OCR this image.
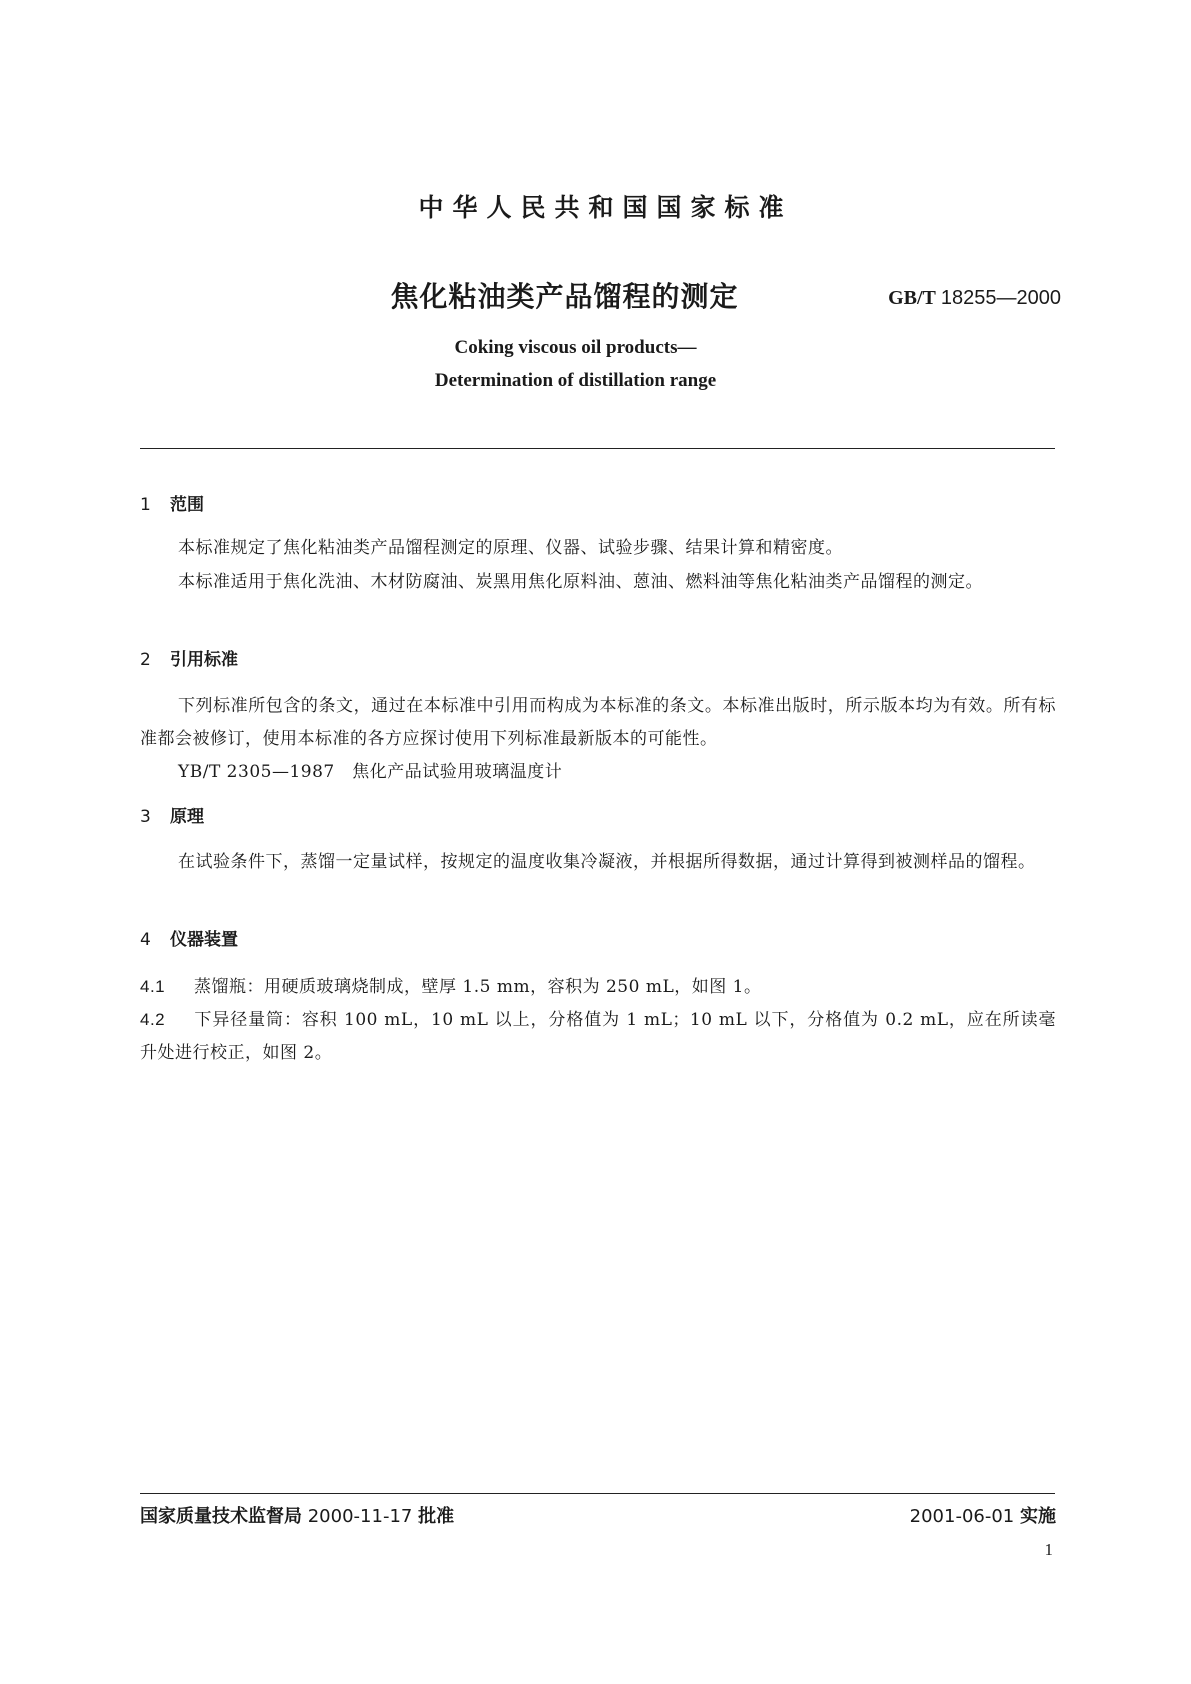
中华人民共和国国家标准
焦化粘油类产品馏程的测定	GB/T 18255—2000
Coking viscous oil products—
Determination of distillation range
1 范围
本标准规定了焦化粘油类产品馏程测定的原理、仪器、试验步骤、结果计算和精密度。
本标准适用于焦化洗油、木材防腐油、炭黑用焦化原料油、蒽油、燃料油等焦化粘油类产品馏程的测定。
2 引用标准
下列标准所包含的条文，通过在本标准中引用而构成为本标准的条文。本标准出版时，所示版本均为有效。所有标准都会被修订，使用本标准的各方应探讨使用下列标准最新版本的可能性。
YB/T 2305—1987　焦化产品试验用玻璃温度计
3 原理
在试验条件下，蒸馏一定量试样，按规定的温度收集冷凝液，并根据所得数据，通过计算得到被测样品的馏程。
4 仪器装置
4.1 蒸馏瓶：用硬质玻璃烧制成，壁厚 1.5 mm，容积为 250 mL，如图 1。
4.2 下异径量筒：容积 100 mL，10 mL 以上，分格值为 1 mL；10 mL 以下，分格值为 0.2 mL，应在所读毫升处进行校正，如图 2。
国家质量技术监督局 2000-11-17 批准	2001-06-01 实施
1
